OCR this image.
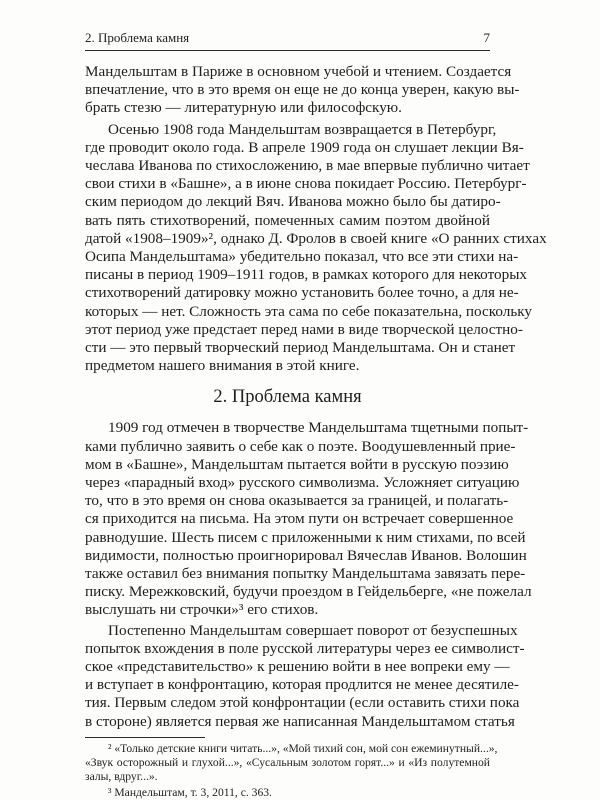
2. Проблема камня	7
Мандельштам в Париже в основном учебой и чтением. Создается
впечатление, что в это время он еще не до конца уверен, какую вы-
брать стезю — литературную или философскую.
Осенью 1908 года Мандельштам возвращается в Петербург,
где проводит около года. В апреле 1909 года он слушает лекции Вя-
чеслава Иванова по стихосложению, в мае впервые публично читает
свои стихи в «Башне», а в июне снова покидает Россию. Петербург-
ским периодом до лекций Вяч. Иванова можно было бы датиро-
вать пять стихотворений, помеченных самим поэтом двойной
датой «1908–1909»², однако Д. Фролов в своей книге «О ранних стихах
Осипа Мандельштама» убедительно показал, что все эти стихи на-
писаны в период 1909–1911 годов, в рамках которого для некоторых
стихотворений датировку можно установить более точно, а для не-
которых — нет. Сложность эта сама по себе показательна, поскольку
2. Проблема камня
1909 год отмечен в творчестве Мандельштама тщетными попыт-
ками публично заявить о себе как о поэте. Воодушевленный прие-
мом в «Башне», Мандельштам пытается войти в русскую поэзию
через «парадный вход» русского символизма. Усложняет ситуацию
то, что в это время он снова оказывается за границей, и полагать-
ся приходится на письма. На этом пути он встречает совершенное
равнодушие. Шесть писем с приложенными к ним стихами, по всей
видимости, полностью проигнорировал Вячеслав Иванов. Волошин
также оставил без внимания попытку Мандельштама завязать пере-
писку. Мережковский, будучи проездом в Гейдельберге, «не пожелал
выслушать ни строчки»³ его стихов.
Постепенно Мандельштам совершает поворот от безуспешных
попыток вхождения в поле русской литературы через ее символист-
² «Только детские книги читать...», «Мой тихий сон, мой сон ежеминутный...»,
«Звук осторожный и глухой...», «Сусальным золотом горят...» и «Из полутемной
залы, вдруг...».
³ Мандельштам, т. 3, 2011, с. 363.
этот период уже предстает перед нами в виде творческой целостно-
сти — это первый творческий период Мандельштама. Он и станет
предметом нашего внимания в этой книге.
ское «представительство» к решению войти в нее вопреки ему —
и вступает в конфронтацию, которая продлится не менее десятиле-
тия. Первым следом этой конфронтации (если оставить стихи пока
в стороне) является первая же написанная Мандельштамом статья
